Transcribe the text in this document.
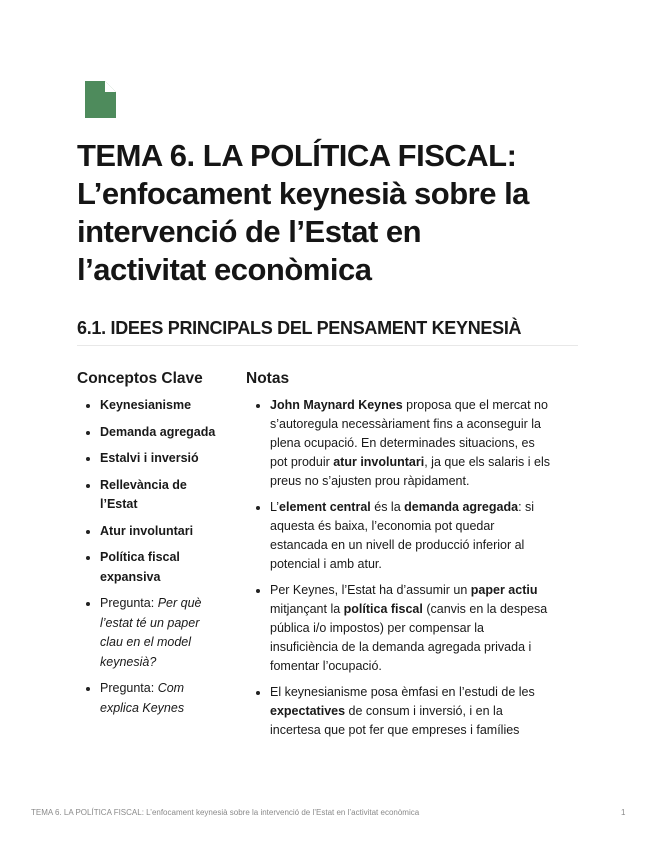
TEMA 6. LA POLÍTICA FISCAL:
L’enfocament keynesià sobre la
intervenció de l’Estat en
l’activitat econòmica
6.1. IDEES PRINCIPALS DEL PENSAMENT KEYNESIÀ
Conceptos Clave	Notas
Keynesianisme
Demanda agregada
Estalvi i inversió
Rellevància de l’Estat
Atur involuntari
Política fiscal expansiva
Pregunta: Per què l’estat té un paper clau en el model keynesià?
Pregunta: Com explica Keynes
John Maynard Keynes proposa que el mercat no
s’autoregula necessàriament fins a aconseguir la
plena ocupació. En determinades situacions, es
pot produir atur involuntari, ja que els salaris i els
preus no s’ajusten prou ràpidament.
L’element central és la demanda agregada: si
aquesta és baixa, l’economia pot quedar
estancada en un nivell de producció inferior al
potencial i amb atur.
Per Keynes, l’Estat ha d’assumir un paper actiu
mitjançant la política fiscal (canvis en la despesa
pública i/o impostos) per compensar la
insuficiència de la demanda agregada privada i
fomentar l’ocupació.
El keynesianisme posa èmfasi en l’estudi de les
expectatives de consum i inversió, i en la
incertesa que pot fer que empreses i famílies
TEMA 6. LA POLÍTICA FISCAL: L’enfocament keynesià sobre la intervenció de l’Estat en l’activitat econòmica	1
